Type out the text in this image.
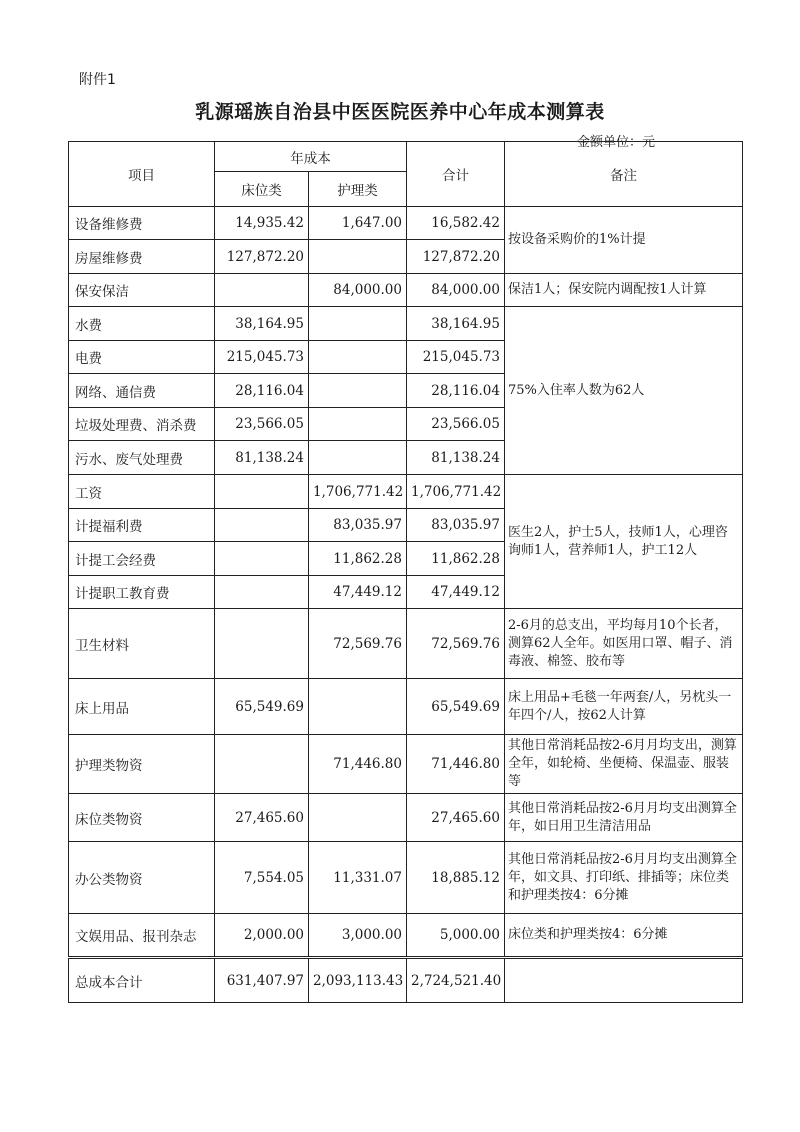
附件1
乳源瑶族自治县中医医院医养中心年成本测算表
金额单位：元
项目	年成本		合计	备注
	床位类	护理类		
设备维修费	14,935.42	1,647.00	16,582.42	按设备采购价的1%计提
房屋维修费	127,872.20		127,872.20	
保安保洁		84,000.00	84,000.00	保洁1人；保安院内调配按1人计算
水费	38,164.95		38,164.95	75%入住率人数为62人
电费	215,045.73		215,045.73	
网络、通信费	28,116.04		28,116.04	
垃圾处理费、消杀费	23,566.05		23,566.05	
污水、废气处理费	81,138.24		81,138.24	
工资		1,706,771.42	1,706,771.42	医生2人，护士5人，技师1人，心理咨询师1人，营养师1人，护工12人
计提福利费		83,035.97	83,035.97	
计提工会经费		11,862.28	11,862.28	
计提职工教育费		47,449.12	47,449.12	
卫生材料		72,569.76	72,569.76	2-6月的总支出，平均每月10个长者，测算62人全年。如医用口罩、帽子、消毒液、棉签、胶布等
床上用品	65,549.69		65,549.69	床上用品+毛毯一年两套/人，另枕头一年四个/人，按62人计算
护理类物资		71,446.80	71,446.80	其他日常消耗品按2-6月月均支出，测算全年，如轮椅、坐便椅、保温壶、服装等
床位类物资	27,465.60		27,465.60	其他日常消耗品按2-6月月均支出测算全年，如日用卫生清洁用品
办公类物资	7,554.05	11,331.07	18,885.12	其他日常消耗品按2-6月月均支出测算全年，如文具、打印纸、排插等；床位类和护理类按4：6分摊
文娱用品、报刊杂志	2,000.00	3,000.00	5,000.00	床位类和护理类按4：6分摊
总成本合计	631,407.97	2,093,113.43	2,724,521.40	
